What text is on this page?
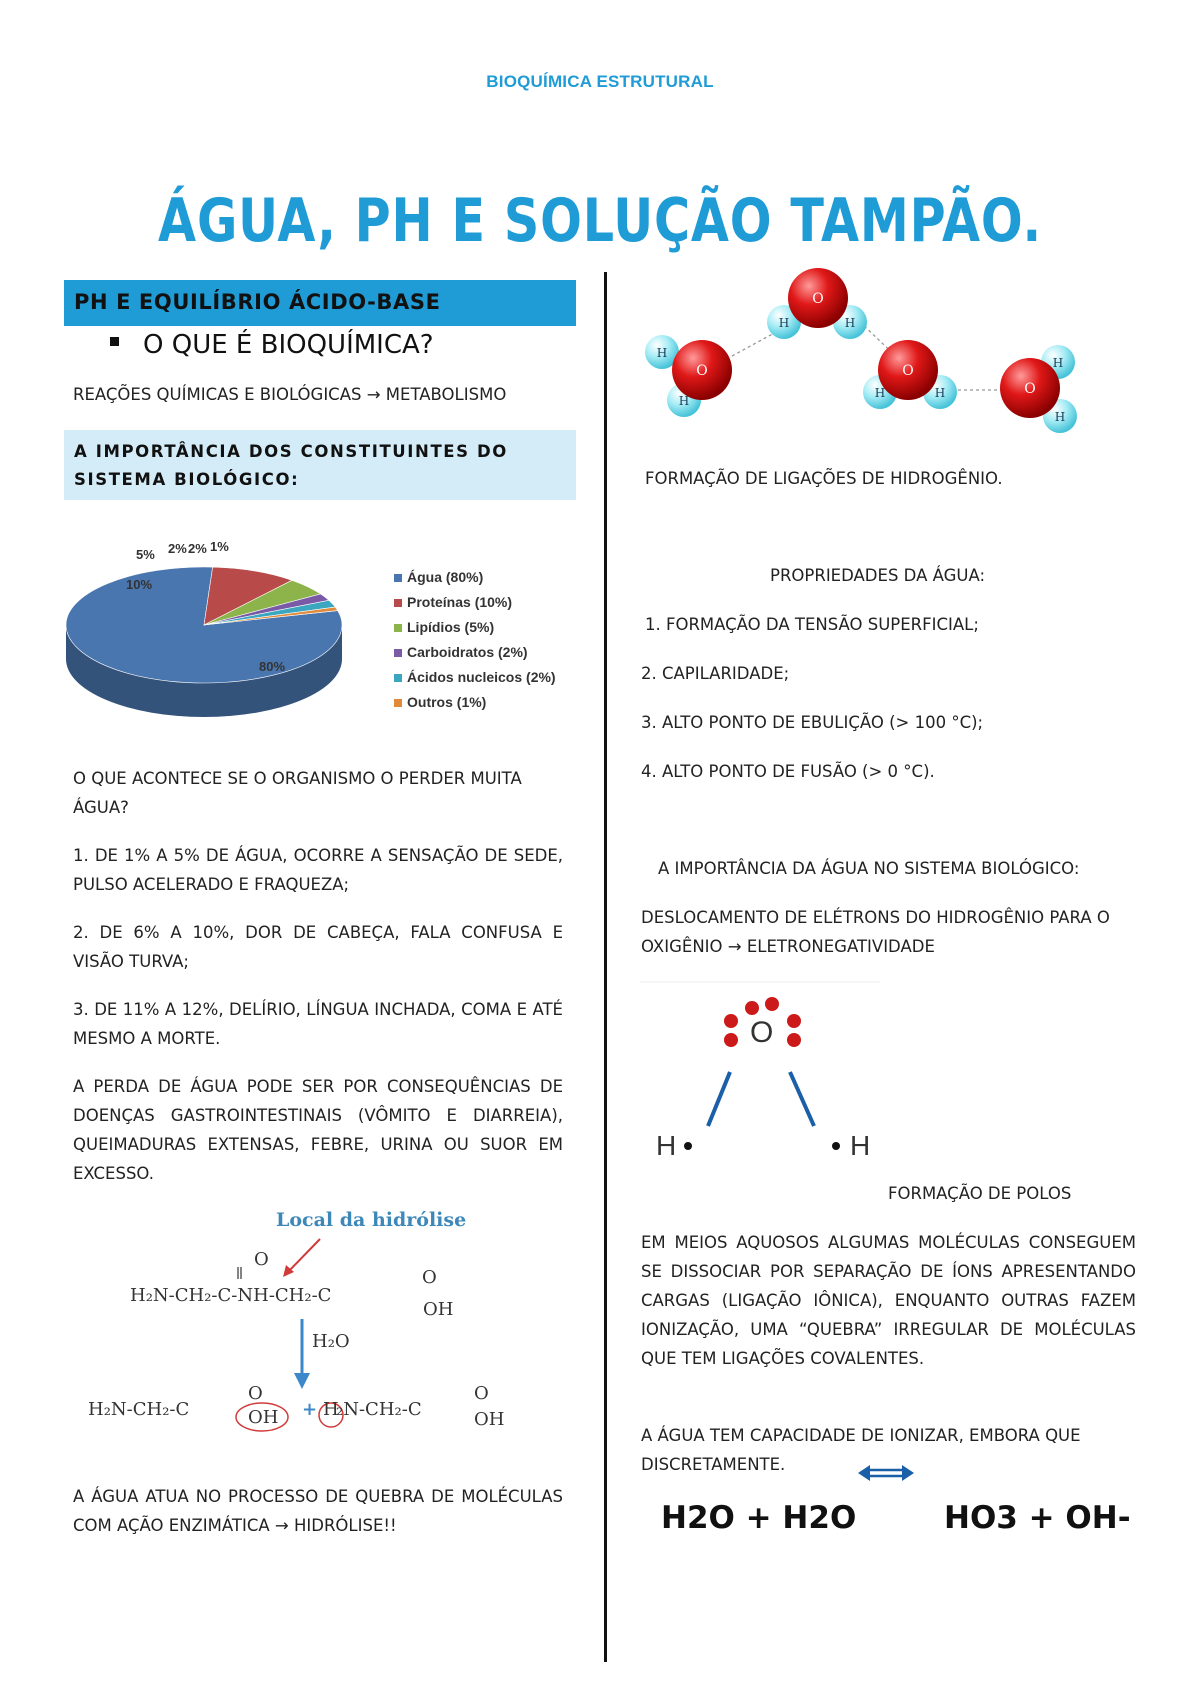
BIOQUÍMICA ESTRUTURAL
ÁGUA, PH E SOLUÇÃO TAMPÃO.
PH E EQUILÍBRIO ÁCIDO-BASE
O QUE É BIOQUÍMICA?
REAÇÕES QUÍMICAS E BIOLÓGICAS → METABOLISMO
A IMPORTÂNCIA DOS CONSTITUINTES DO SISTEMA BIOLÓGICO:
80%
10%
5% 2% 2% 1%
Água (80%)
Proteínas (10%)
Lipídios (5%)
Carboidratos (2%)
Ácidos nucleicos (2%)
Outros (1%)
O QUE ACONTECE SE O ORGANISMO O PERDER MUITA ÁGUA?
1. DE 1% A 5% DE ÁGUA, OCORRE A SENSAÇÃO DE SEDE, PULSO ACELERADO E FRAQUEZA;
2. DE 6% A 10%, DOR DE CABEÇA, FALA CONFUSA E VISÃO TURVA;
3. DE 11% A 12%, DELÍRIO, LÍNGUA INCHADA, COMA E ATÉ MESMO A MORTE.
A PERDA DE ÁGUA PODE SER POR CONSEQUÊNCIAS DE DOENÇAS GASTROINTESTINAIS (VÔMITO E DIARREIA), QUEIMADURAS EXTENSAS, FEBRE, URINA OU SUOR EM EXCESSO.
Local da hidrólise
O
H₂N-CH₂-C-NH-CH₂-C
O
OH
H₂O
H₂N-CH₂-C
O
OH + H
₂N-CH₂-C
O
OH
A ÁGUA ATUA NO PROCESSO DE QUEBRA DE MOLÉCULAS COM AÇÃO ENZIMÁTICA → HIDRÓLISE!!
H
H
O
H	H
O
H	H
O	H
H
O
FORMAÇÃO DE LIGAÇÕES DE HIDROGÊNIO.
PROPRIEDADES DA ÁGUA:
1. FORMAÇÃO DA TENSÃO SUPERFICIAL;
2. CAPILARIDADE;
3. ALTO PONTO DE EBULIÇÃO (> 100 °C);
4. ALTO PONTO DE FUSÃO (> 0 °C).
A IMPORTÂNCIA DA ÁGUA NO SISTEMA BIOLÓGICO:
DESLOCAMENTO DE ELÉTRONS DO HIDROGÊNIO PARA O OXIGÊNIO → ELETRONEGATIVIDADE
O
H	H
FORMAÇÃO DE POLOS
EM MEIOS AQUOSOS ALGUMAS MOLÉCULAS CONSEGUEM SE DISSOCIAR POR SEPARAÇÃO DE ÍONS APRESENTANDO CARGAS (LIGAÇÃO IÔNICA), ENQUANTO OUTRAS FAZEM IONIZAÇÃO, UMA “QUEBRA” IRREGULAR DE MOLÉCULAS QUE TEM LIGAÇÕES COVALENTES.
A ÁGUA TEM CAPACIDADE DE IONIZAR, EMBORA QUE DISCRETAMENTE.
H2O + H2O	HO3 + OH-
